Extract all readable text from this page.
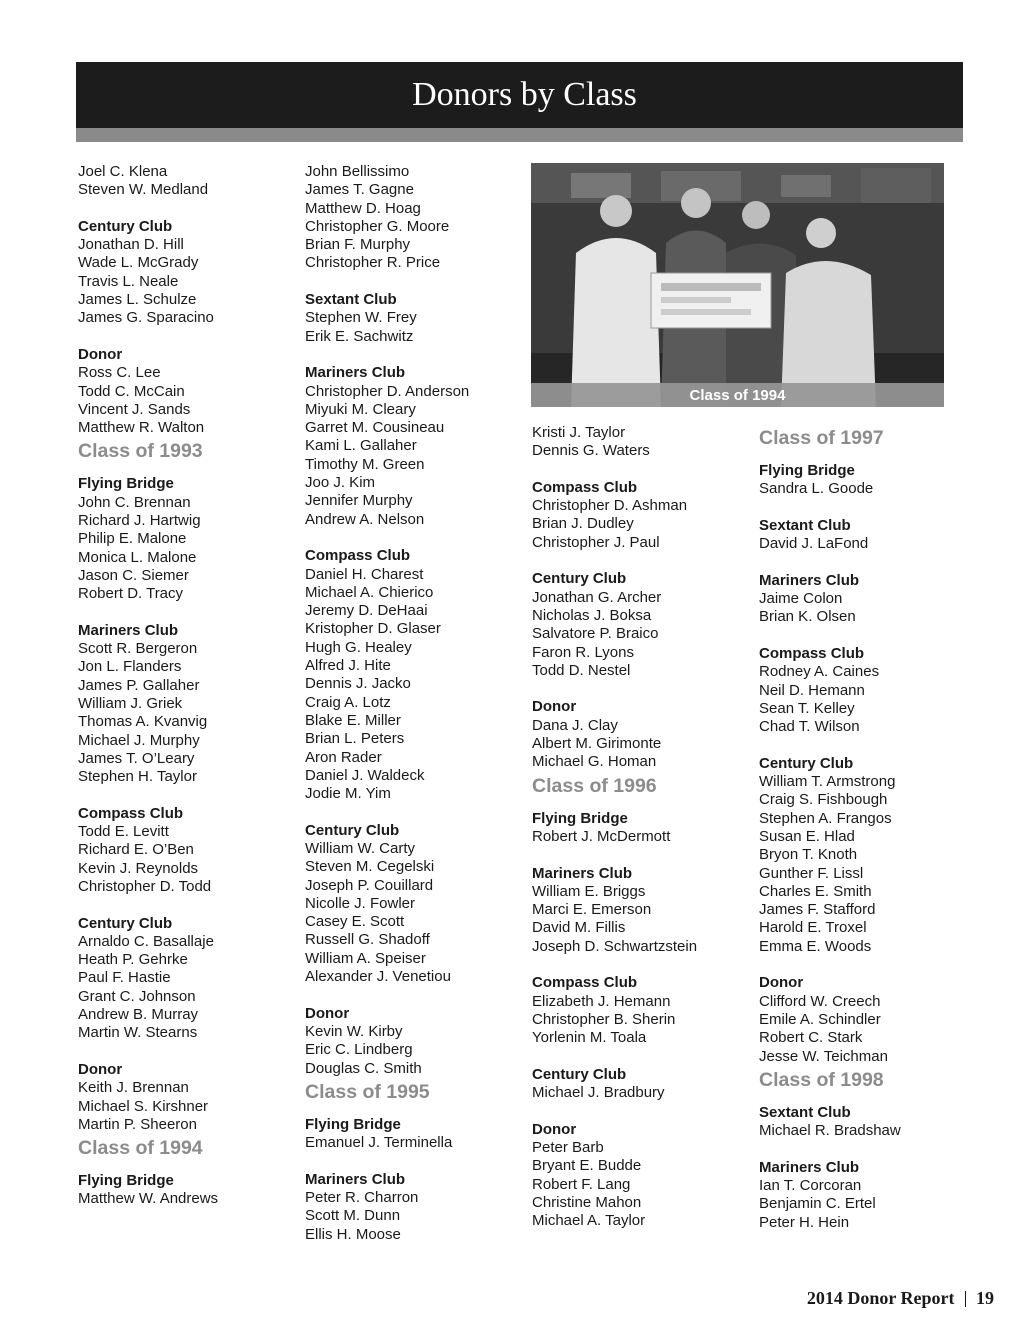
Donors by Class
Joel C. Klena
Steven W. Medland
Century Club
Jonathan D. Hill
Wade L. McGrady
Travis L. Neale
James L. Schulze
James G. Sparacino
Donor
Ross C. Lee
Todd C. McCain
Vincent J. Sands
Matthew R. Walton
Class of 1993
Flying Bridge
John C. Brennan
Richard J. Hartwig
Philip E. Malone
Monica L. Malone
Jason C. Siemer
Robert D. Tracy
Mariners Club
Scott R. Bergeron
Jon L. Flanders
James P. Gallaher
William J. Griek
Thomas A. Kvanvig
Michael J. Murphy
James T. O’Leary
Stephen H. Taylor
Compass Club
Todd E. Levitt
Richard E. O’Ben
Kevin J. Reynolds
Christopher D. Todd
Century Club
Arnaldo C. Basallaje
Heath P. Gehrke
Paul F. Hastie
Grant C. Johnson
Andrew B. Murray
Martin W. Stearns
Donor
Keith J. Brennan
Michael S. Kirshner
Martin P. Sheeron
Class of 1994
Flying Bridge
Matthew W. Andrews
John Bellissimo
James T. Gagne
Matthew D. Hoag
Christopher G. Moore
Brian F. Murphy
Christopher R. Price
Sextant Club
Stephen W. Frey
Erik E. Sachwitz
Mariners Club
Christopher D. Anderson
Miyuki M. Cleary
Garret M. Cousineau
Kami L. Gallaher
Timothy M. Green
Joo J. Kim
Jennifer Murphy
Andrew A. Nelson
Compass Club
Daniel H. Charest
Michael A. Chierico
Jeremy D. DeHaai
Kristopher D. Glaser
Hugh G. Healey
Alfred J. Hite
Dennis J. Jacko
Craig A. Lotz
Blake E. Miller
Brian L. Peters
Aron Rader
Daniel J. Waldeck
Jodie M. Yim
Century Club
William W. Carty
Steven M. Cegelski
Joseph P. Couillard
Nicolle J. Fowler
Casey E. Scott
Russell G. Shadoff
William A. Speiser
Alexander J. Venetiou
Donor
Kevin W. Kirby
Eric C. Lindberg
Douglas C. Smith
Class of 1995
Flying Bridge
Emanuel J. Terminella
Mariners Club
Peter R. Charron
Scott M. Dunn
Ellis H. Moose
Class of 1994
Kristi J. Taylor
Dennis G. Waters
Compass Club
Christopher D. Ashman
Brian J. Dudley
Christopher J. Paul
Century Club
Jonathan G. Archer
Nicholas J. Boksa
Salvatore P. Braico
Faron R. Lyons
Todd D. Nestel
Donor
Dana J. Clay
Albert M. Girimonte
Michael G. Homan
Class of 1996
Flying Bridge
Robert J. McDermott
Mariners Club
William E. Briggs
Marci E. Emerson
David M. Fillis
Joseph D. Schwartzstein
Compass Club
Elizabeth J. Hemann
Christopher B. Sherin
Yorlenin M. Toala
Century Club
Michael J. Bradbury
Donor
Peter Barb
Bryant E. Budde
Robert F. Lang
Christine Mahon
Michael A. Taylor
Class of 1997
Flying Bridge
Sandra L. Goode
Sextant Club
David J. LaFond
Mariners Club
Jaime Colon
Brian K. Olsen
Compass Club
Rodney A. Caines
Neil D. Hemann
Sean T. Kelley
Chad T. Wilson
Century Club
William T. Armstrong
Craig S. Fishbough
Stephen A. Frangos
Susan E. Hlad
Bryon T. Knoth
Gunther F. Lissl
Charles E. Smith
James F. Stafford
Harold E. Troxel
Emma E. Woods
Donor
Clifford W. Creech
Emile A. Schindler
Robert C. Stark
Jesse W. Teichman
Class of 1998
Sextant Club
Michael R. Bradshaw
Mariners Club
Ian T. Corcoran
Benjamin C. Ertel
Peter H. Hein
2014 Donor Report 19
